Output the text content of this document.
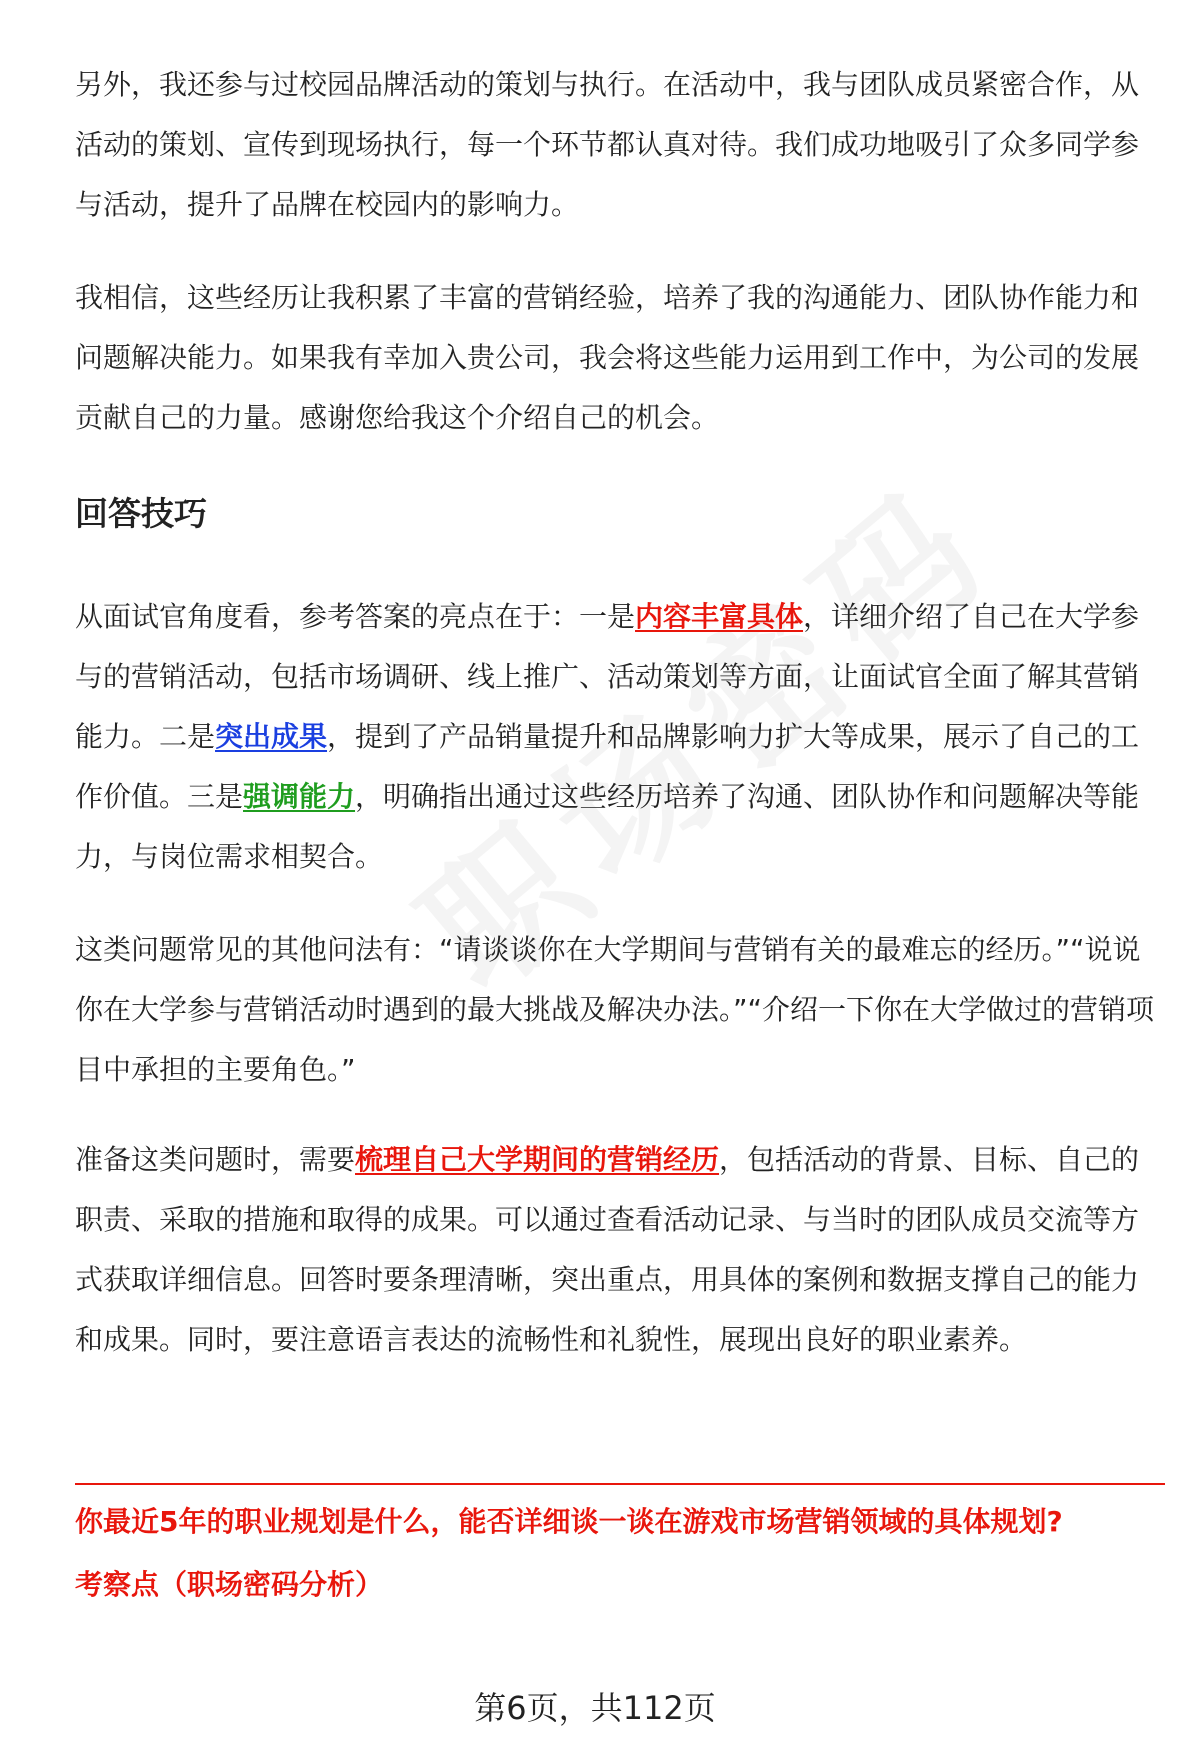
另外，我还参与过校园品牌活动的策划与执行。在活动中，我与团队成员紧密合作，从活动的策划、宣传到现场执行，每一个环节都认真对待。我们成功地吸引了众多同学参与活动，提升了品牌在校园内的影响力。

我相信，这些经历让我积累了丰富的营销经验，培养了我的沟通能力、团队协作能力和问题解决能力。如果我有幸加入贵公司，我会将这些能力运用到工作中，为公司的发展贡献自己的力量。感谢您给我这个介绍自己的机会。

回答技巧

从面试官角度看，参考答案的亮点在于：一是内容丰富具体，详细介绍了自己在大学参与的营销活动，包括市场调研、线上推广、活动策划等方面，让面试官全面了解其营销能力。二是突出成果，提到了产品销量提升和品牌影响力扩大等成果，展示了自己的工作价值。三是强调能力，明确指出通过这些经历培养了沟通、团队协作和问题解决等能力，与岗位需求相契合。

这类问题常见的其他问法有：“请谈谈你在大学期间与营销有关的最难忘的经历。”“说说你在大学参与营销活动时遇到的最大挑战及解决办法。”“介绍一下你在大学做过的营销项目中承担的主要角色。”

准备这类问题时，需要梳理自己大学期间的营销经历，包括活动的背景、目标、自己的职责、采取的措施和取得的成果。可以通过查看活动记录、与当时的团队成员交流等方式获取详细信息。回答时要条理清晰，突出重点，用具体的案例和数据支撑自己的能力和成果。同时，要注意语言表达的流畅性和礼貌性，展现出良好的职业素养。

你最近5年的职业规划是什么，能否详细谈一谈在游戏市场营销领域的具体规划?

考察点（职场密码分析）

第6页，共112页
